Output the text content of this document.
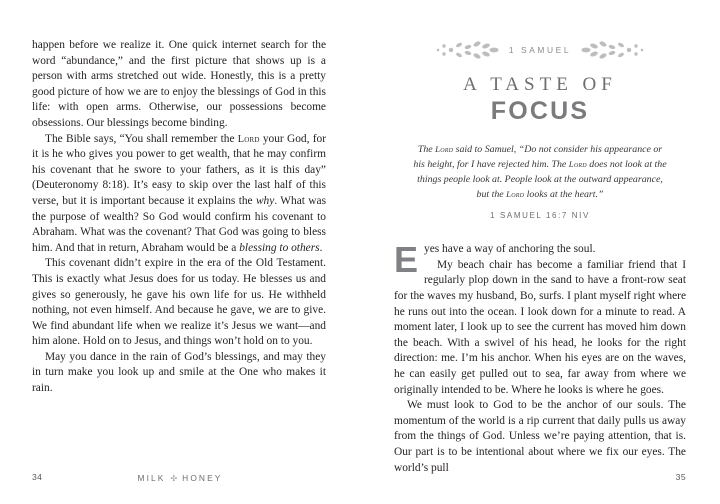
happen before we realize it. One quick internet search for the word “abundance,” and the first picture that shows up is a person with arms stretched out wide. Honestly, this is a pretty good picture of how we are to enjoy the blessings of God in this life: with open arms. Otherwise, our possessions become obsessions. Our blessings become binding.

The Bible says, “You shall remember the Lord your God, for it is he who gives you power to get wealth, that he may confirm his covenant that he swore to your fathers, as it is this day” (Deuteronomy 8:18). It’s easy to skip over the last half of this verse, but it is important because it explains the why. What was the purpose of wealth? So God would confirm his covenant to Abraham. What was the covenant? That God was going to bless him. And that in return, Abraham would be a blessing to others.

This covenant didn’t expire in the era of the Old Testament. This is exactly what Jesus does for us today. He blesses us and gives so generously, he gave his own life for us. He withheld nothing, not even himself. And because he gave, we are to give. We find abundant life when we realize it’s Jesus we want—and him alone. Hold on to Jesus, and things won’t hold on to you.

May you dance in the rain of God’s blessings, and may they in turn make you look up and smile at the One who makes it rain.

34	MILK ✣ HONEY
1 SAMUEL
A TASTE OF
FOCUS
The Lord said to Samuel, “Do not consider his appearance or his height, for I have rejected him. The Lord does not look at the things people look at. People look at the outward appearance, but the Lord looks at the heart.”
1 SAMUEL 16:7 NIV

Eyes have a way of anchoring the soul.

My beach chair has become a familiar friend that I regularly plop down in the sand to have a front-row seat for the waves my husband, Bo, surfs. I plant myself right where he runs out into the ocean. I look down for a minute to read. A moment later, I look up to see the current has moved him down the beach. With a swivel of his head, he looks for the right direction: me. I’m his anchor. When his eyes are on the waves, he can easily get pulled out to sea, far away from where we originally intended to be. Where he looks is where he goes.

We must look to God to be the anchor of our souls. The momentum of the world is a rip current that daily pulls us away from the things of God. Unless we’re paying attention, that is. Our part is to be intentional about where we fix our eyes. The world’s pull

35
